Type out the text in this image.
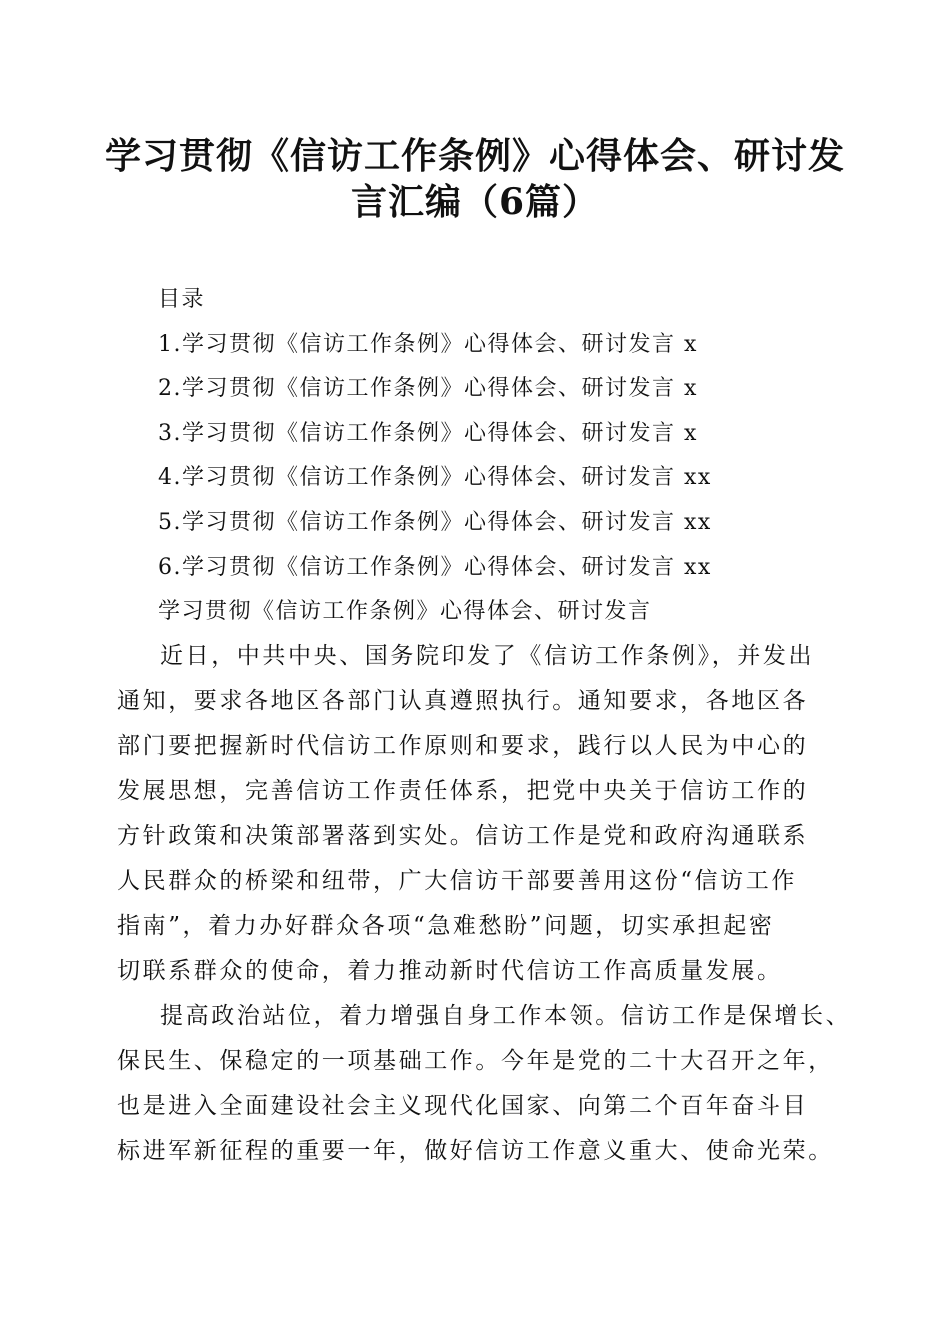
学习贯彻《信访工作条例》心得体会、研讨发
言汇编（6篇）
目录
1.学习贯彻《信访工作条例》心得体会、研讨发言 x
2.学习贯彻《信访工作条例》心得体会、研讨发言 x
3.学习贯彻《信访工作条例》心得体会、研讨发言 x
4.学习贯彻《信访工作条例》心得体会、研讨发言 xx
5.学习贯彻《信访工作条例》心得体会、研讨发言 xx
6.学习贯彻《信访工作条例》心得体会、研讨发言 xx
学习贯彻《信访工作条例》心得体会、研讨发言
近日，中共中央、国务院印发了《信访工作条例》，并发出
通知，要求各地区各部门认真遵照执行。通知要求，各地区各
部门要把握新时代信访工作原则和要求，践行以人民为中心的
发展思想，完善信访工作责任体系，把党中央关于信访工作的
方针政策和决策部署落到实处。信访工作是党和政府沟通联系
人民群众的桥梁和纽带，广大信访干部要善用这份“信访工作
指南”，着力办好群众各项“急难愁盼”问题，切实承担起密
切联系群众的使命，着力推动新时代信访工作高质量发展。
提高政治站位，着力增强自身工作本领。信访工作是保增长、
保民生、保稳定的一项基础工作。今年是党的二十大召开之年，
也是进入全面建设社会主义现代化国家、向第二个百年奋斗目
标进军新征程的重要一年，做好信访工作意义重大、使命光荣。
